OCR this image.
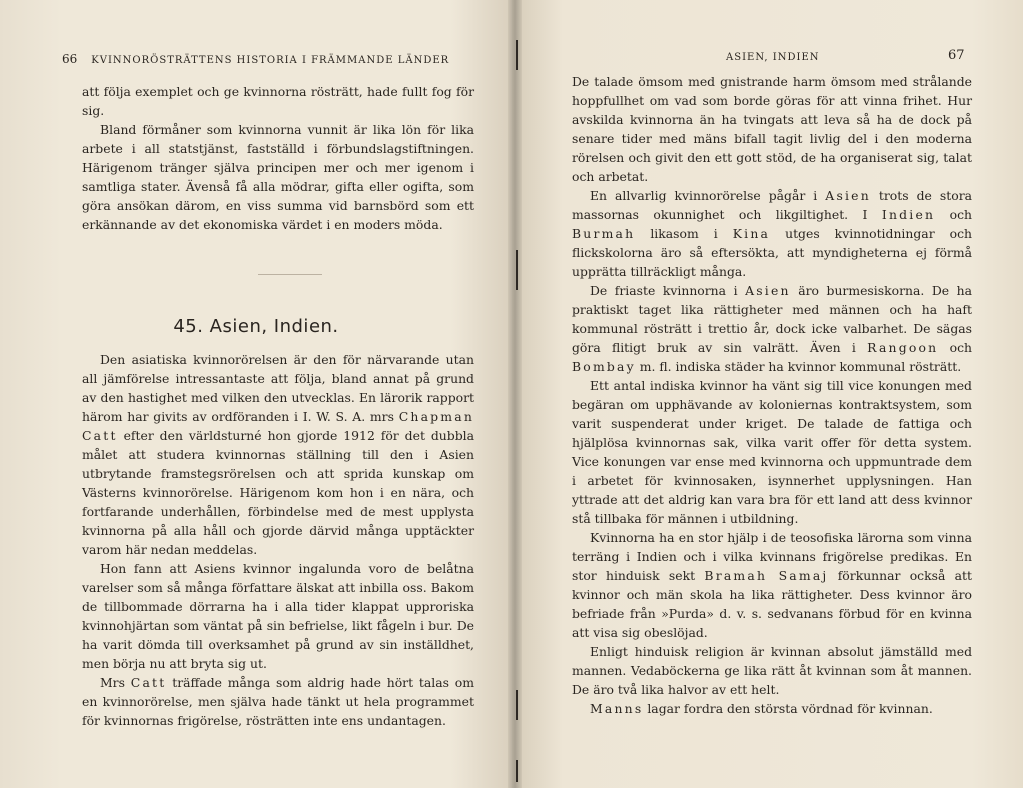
66 KVINNORÖSTRÄTTENS HISTORIA I FRÄMMANDE LÄNDER

att följa exemplet och ge kvinnorna rösträtt, hade fullt fog för sig.

Bland förmåner som kvinnorna vunnit är lika lön för lika arbete i all statstjänst, fastställd i förbundslagstiftningen. Härigenom tränger själva principen mer och mer igenom i samtliga stater. Ävenså få alla mödrar, gifta eller ogifta, som göra ansökan därom, en viss summa vid barnsbörd som ett erkännande av det ekonomiska värdet i en moders möda.

45. Asien, Indien.

Den asiatiska kvinnorörelsen är den för närvarande utan all jämförelse intressantaste att följa, bland annat på grund av den hastighet med vilken den utvecklas. En lärorik rapport härom har givits av ordföranden i I. W. S. A. mrs Chapman Catt efter den världsturné hon gjorde 1912 för det dubbla målet att studera kvinnornas ställning till den i Asien utbrytande framstegsrörelsen och att sprida kunskap om Västerns kvinnorörelse. Härigenom kom hon i en nära, och fortfarande underhållen, förbindelse med de mest upplysta kvinnorna på alla håll och gjorde därvid många upptäckter varom här nedan meddelas.

Hon fann att Asiens kvinnor ingalunda voro de belåtna varelser som så många författare älskat att inbilla oss. Bakom de tillbommade dörrarna ha i alla tider klappat upproriska kvinnohjärtan som väntat på sin befrielse, likt fågeln i bur. De ha varit dömda till overksamhet på grund av sin inställdhet, men börja nu att bryta sig ut.

Mrs Catt träffade många som aldrig hade hört talas om en kvinnorörelse, men själva hade tänkt ut hela programmet för kvinnornas frigörelse, rösträtten inte ens undantagen.

ASIEN, INDIEN	67

De talade ömsom med gnistrande harm ömsom med strålande hoppfullhet om vad som borde göras för att vinna frihet. Hur avskilda kvinnorna än ha tvingats att leva så ha de dock på senare tider med mäns bifall tagit livlig del i den moderna rörelsen och givit den ett gott stöd, de ha organiserat sig, talat och arbetat.

En allvarlig kvinnorörelse pågår i Asien trots de stora massornas okunnighet och likgiltighet. I Indien och Burmah likasom i Kina utges kvinnotidningar och flickskolorna äro så eftersökta, att myndigheterna ej förmå upprätta tillräckligt många.

De friaste kvinnorna i Asien äro burmesiskorna. De ha praktiskt taget lika rättigheter med männen och ha haft kommunal rösträtt i trettio år, dock icke valbarhet. De sägas göra flitigt bruk av sin valrätt. Även i Rangoon och Bombay m. fl. indiska städer ha kvinnor kommunal rösträtt.

Ett antal indiska kvinnor ha vänt sig till vice konungen med begäran om upphävande av koloniernas kontraktsystem, som varit suspenderat under kriget. De talade de fattiga och hjälplösa kvinnornas sak, vilka varit offer för detta system. Vice konungen var ense med kvinnorna och uppmuntrade dem i arbetet för kvinnosaken, isynnerhet upplysningen. Han yttrade att det aldrig kan vara bra för ett land att dess kvinnor stå tillbaka för männen i utbildning.

Kvinnorna ha en stor hjälp i de teosofiska lärorna som vinna terräng i Indien och i vilka kvinnans frigörelse predikas. En stor hinduisk sekt Bramah Samaj förkunnar också att kvinnor och män skola ha lika rättigheter. Dess kvinnor äro befriade från »Purda» d. v. s. sedvanans förbud för en kvinna att visa sig obeslöjad.

Enligt hinduisk religion är kvinnan absolut jämställd med mannen. Vedaböckerna ge lika rätt åt kvinnan som åt mannen. De äro två lika halvor av ett helt.

Manns lagar fordra den största vördnad för kvinnan.
